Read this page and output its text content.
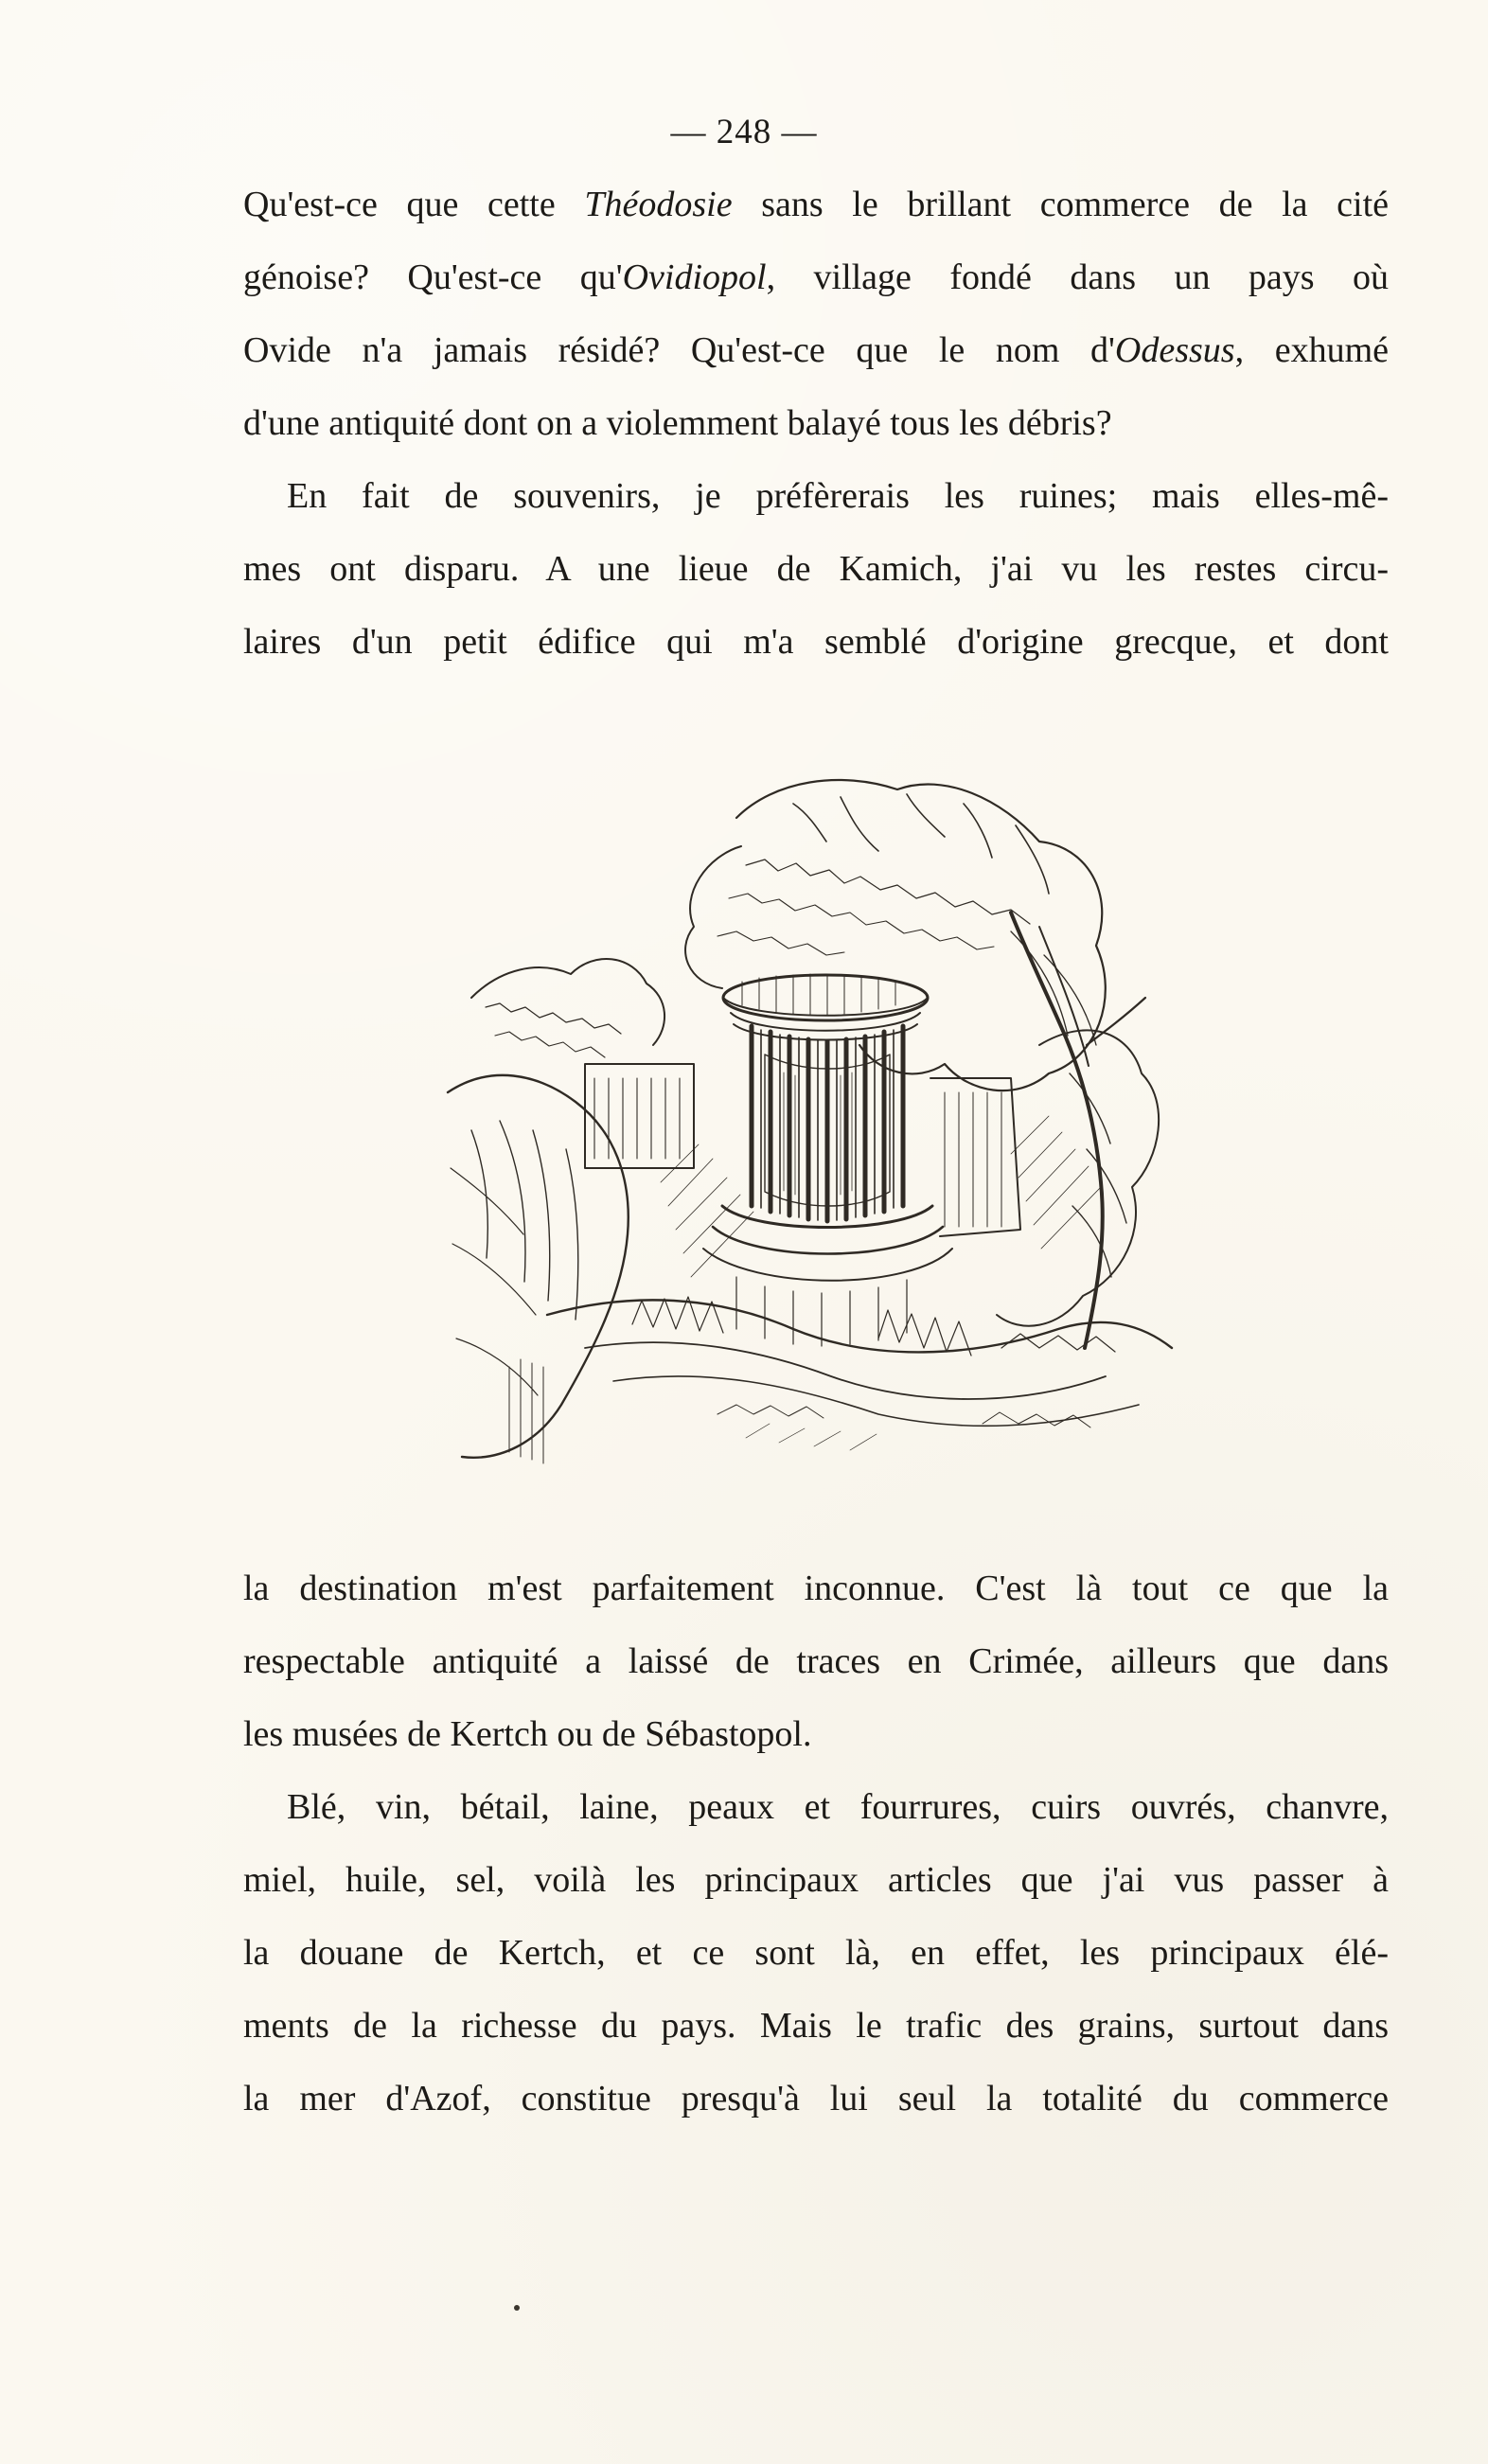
— 248 —
Qu'est-ce que cette Théodosie sans le brillant commerce de la cité
génoise? Qu'est-ce qu'Ovidiopol, village fondé dans un pays où
Ovide n'a jamais résidé? Qu'est-ce que le nom d'Odessus, exhumé
d'une antiquité dont on a violemment balayé tous les débris?
En fait de souvenirs, je préfèrerais les ruines; mais elles-mê-
mes ont disparu. A une lieue de Kamich, j'ai vu les restes circu-
laires d'un petit édifice qui m'a semblé d'origine grecque, et dont
la destination m'est parfaitement inconnue. C'est là tout ce que la
respectable antiquité a laissé de traces en Crimée, ailleurs que dans
les musées de Kertch ou de Sébastopol.
Blé, vin, bétail, laine, peaux et fourrures, cuirs ouvrés, chanvre,
miel, huile, sel, voilà les principaux articles que j'ai vus passer à
la douane de Kertch, et ce sont là, en effet, les principaux élé-
ments de la richesse du pays. Mais le trafic des grains, surtout dans
la mer d'Azof, constitue presqu'à lui seul la totalité du commerce
